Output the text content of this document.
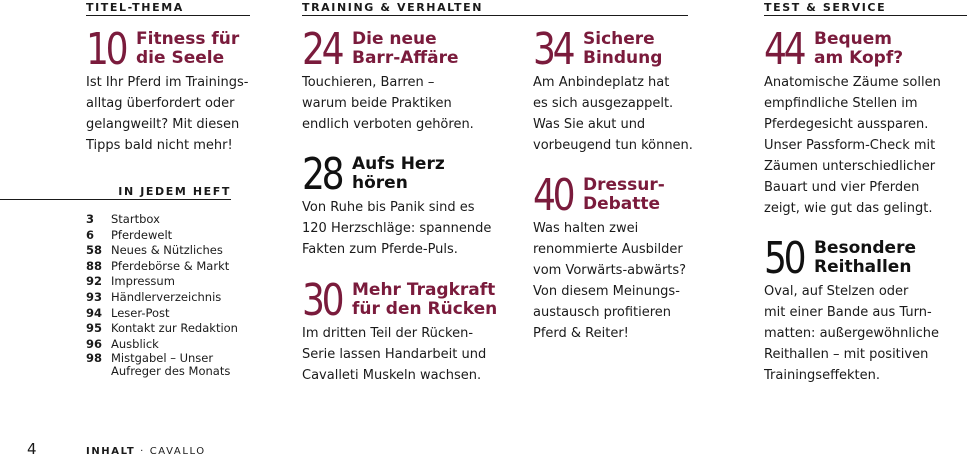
TITEL-THEMA	TRAINING & VERHALTEN	TEST & SERVICE
IN JEDEM HEFT
10 Fitness für
die Seele
Ist Ihr Pferd im Trainings-
alltag überfordert oder
gelangweilt? Mit diesen
Tipps bald nicht mehr!
24 Die neue
Barr-Affäre
Touchieren, Barren –
warum beide Praktiken
endlich verboten gehören.
28 Aufs Herz
hören
Von Ruhe bis Panik sind es
120 Herzschläge: spannende
Fakten zum Pferde-Puls.
30 Mehr Tragkraft
für den Rücken
Im dritten Teil der Rücken-
Serie lassen Handarbeit und
Cavalleti Muskeln wachsen.
34 Sichere
Bindung
Am Anbindeplatz hat
es sich ausgezappelt.
Was Sie akut und
vorbeugend tun können.
40 Dressur-
Debatte
Was halten zwei
renommierte Ausbilder
vom Vorwärts-abwärts?
Von diesem Meinungs-
austausch profitieren
Pferd & Reiter!
44 Bequem
am Kopf?
Anatomische Zäume sollen
empfindliche Stellen im
Pferdegesicht aussparen.
Unser Passform-Check mit
Zäumen unterschiedlicher
Bauart und vier Pferden
zeigt, wie gut das gelingt.
50 Besondere
Reithallen
Oval, auf Stelzen oder
mit einer Bande aus Turn-
matten: außergewöhnliche
Reithallen – mit positiven
Trainingseffekten.
3	Startbox
6	Pferdewelt
58 Neues & Nützliches
88 Pferdebörse & Markt
92 Impressum
93 Händlerverzeichnis
94 Leser-Post
95 Kontakt zur Redaktion
96 Ausblick
98 Mistgabel – Unser
Aufreger des Monats
4	INHALT · CAVALLO
